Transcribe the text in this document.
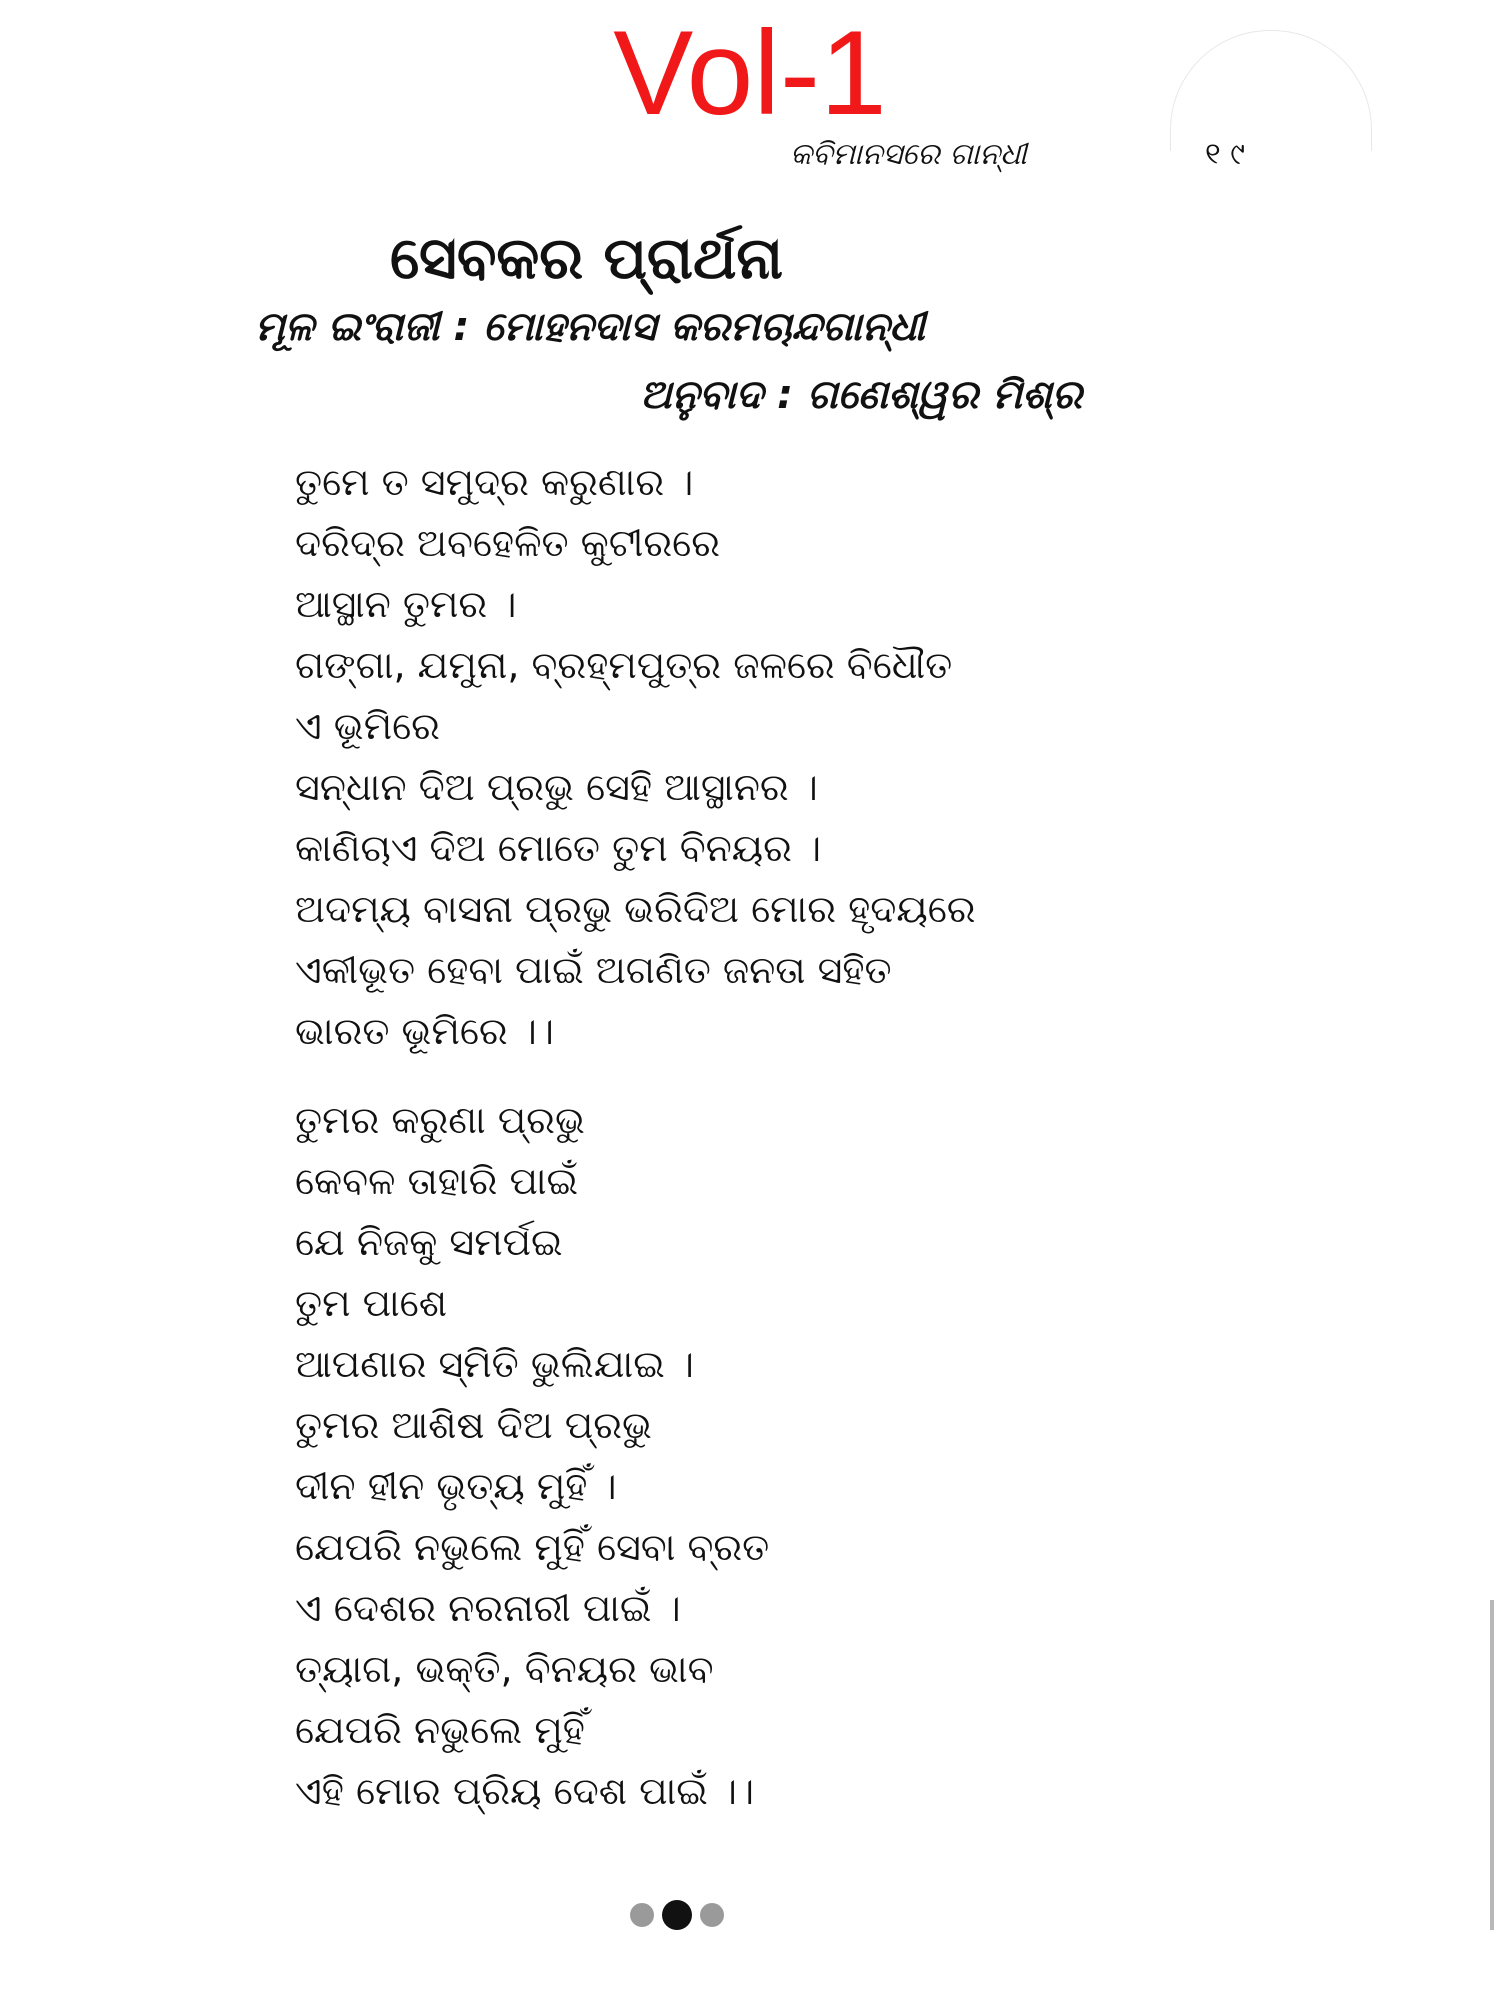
Vol-1
କବିମାନସରେ ଗାନ୍ଧୀ	୧ ୯
ସେବକର ପ୍ରାର୍ଥନା
ମୂଳ ଇଂରାଜୀ : ମୋହନଦାସ କରମଚାନ୍ଦଗାନ୍ଧୀ
ଅନୁବାଦ : ଗଣେଶ୍ୱର ମିଶ୍ର
ତୁମେ ତ ସମୁଦ୍ର କରୁଣାର ।
ଦରିଦ୍ର ଅବହେଳିତ କୁଟୀରରେ
ଆସ୍ଥାନ ତୁମର ।
ଗଙ୍ଗା, ଯମୁନା, ବ୍ରହ୍ମପୁତ୍ର ଜଳରେ ବିଧୌତ
ଏ ଭୂମିରେ
ସନ୍ଧାନ ଦିଅ ପ୍ରଭୁ ସେହି ଆସ୍ଥାନର ।
କାଣିଚାଏ ଦିଅ ମୋତେ ତୁମ ବିନୟର ।
ଅଦମ୍ୟ ବାସନା ପ୍ରଭୁ ଭରିଦିଅ ମୋର ହୃଦୟରେ
ଏକୀଭୂତ ହେବା ପାଇଁ ଅଗଣିତ ଜନତା ସହିତ
ଭାରତ ଭୂମିରେ ।।
ତୁମର କରୁଣା ପ୍ରଭୁ
କେବଳ ତାହାରି ପାଇଁ
ଯେ ନିଜକୁ ସମର୍ପଇ
ତୁମ ପାଶେ
ଆପଣାର ସ୍ମିତି ଭୁଲିଯାଇ ।
ତୁମର ଆଶିଷ ଦିଅ ପ୍ରଭୁ
ଦୀନ ହୀନ ଭୃତ୍ୟ ମୁହିଁ ।
ଯେପରି ନଭୁଲେ ମୁହିଁ ସେବା ବ୍ରତ
ଏ ଦେଶର ନରନାରୀ ପାଇଁ ।
ତ୍ୟାଗ, ଭକ୍ତି, ବିନୟର ଭାବ
ଯେପରି ନଭୁଲେ ମୁହିଁ
ଏହି ମୋର ପ୍ରିୟ ଦେଶ ପାଇଁ ।।
